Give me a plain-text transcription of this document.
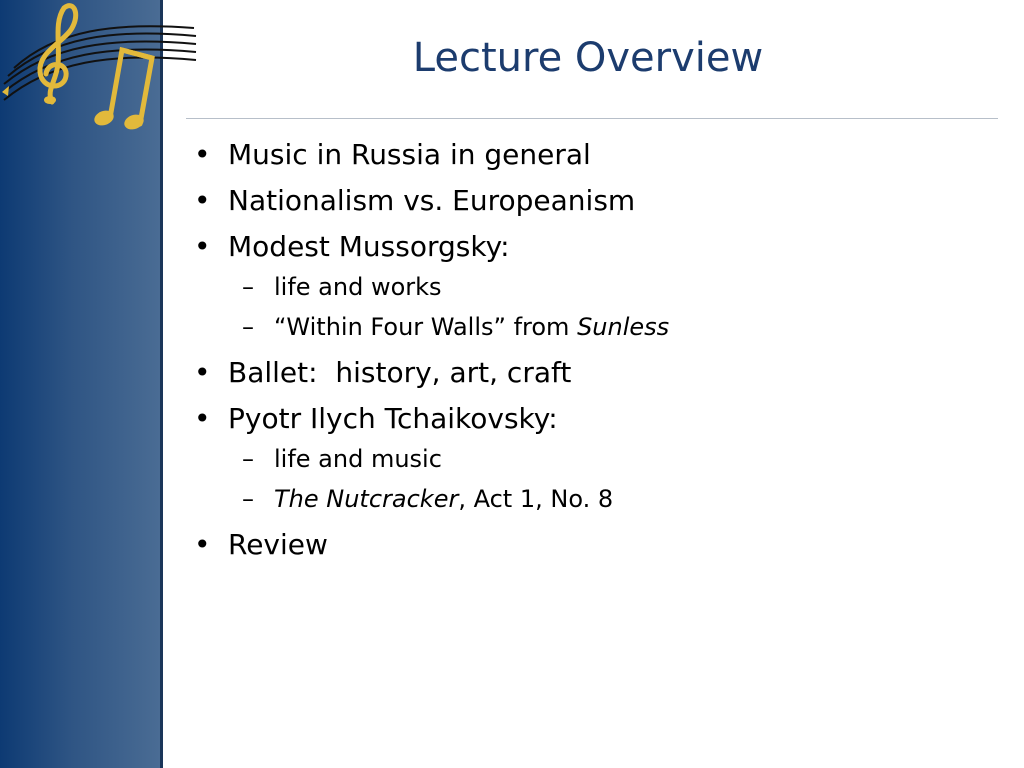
Lecture Overview
• Music in Russia in general
• Nationalism vs. Europeanism
• Modest Mussorgsky:
– life and works
– “Within Four Walls” from Sunless
• Ballet:  history, art, craft
• Pyotr Ilych Tchaikovsky:
– life and music
– The Nutcracker, Act 1, No. 8
• Review
